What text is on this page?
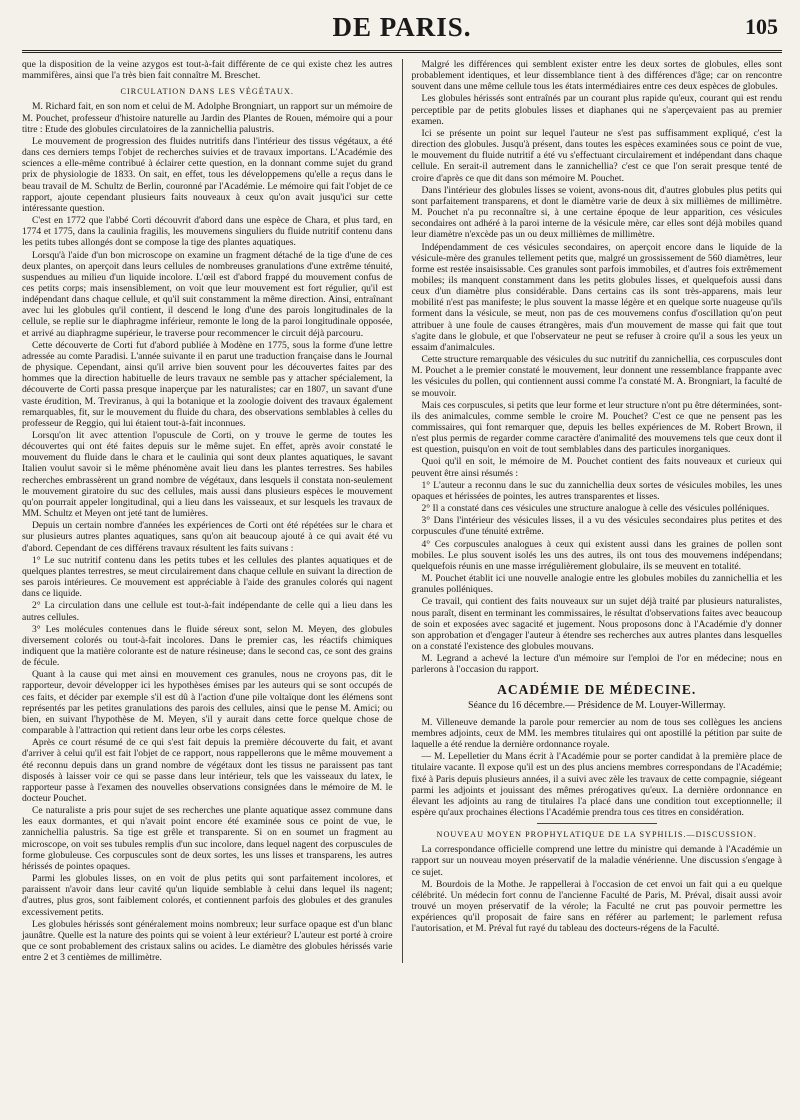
DE PARIS.	105

que la disposition de la veine azygos est tout-à-fait différente de ce qui existe chez les autres mammifères, ainsi que l'a très bien fait connaître M. Breschet.

CIRCULATION DANS LES VÉGÉTAUX.

M. Richard fait, en son nom et celui de M. Adolphe Brongniart, un rapport sur un mémoire de M. Pouchet, professeur d'histoire naturelle au Jardin des Plantes de Rouen, mémoire qui a pour titre : Etude des globules circulatoires de la zannichellia palustris.

Le mouvement de progression des fluides nutritifs dans l'intérieur des tissus végétaux, a été dans ces derniers temps l'objet de recherches suivies et de travaux importans. L'Académie des sciences a elle-même contribué à éclairer cette question, en la donnant comme sujet du grand prix de physiologie de 1833. On sait, en effet, tous les développemens qu'elle a reçus dans le beau travail de M. Schultz de Berlin, couronné par l'Académie. Le mémoire qui fait l'objet de ce rapport, ajoute cependant plusieurs faits nouveaux à ceux qu'on avait jusqu'ici sur cette intéressante question.

C'est en 1772 que l'abbé Corti découvrit d'abord dans une espèce de Chara, et plus tard, en 1774 et 1775, dans la caulinia fragilis, les mouvemens singuliers du fluide nutritif contenu dans les petits tubes allongés dont se compose la tige des plantes aquatiques.

Lorsqu'à l'aide d'un bon microscope on examine un fragment détaché de la tige d'une de ces deux plantes, on aperçoit dans leurs cellules de nombreuses granulations d'une extrême ténuité, suspendues au milieu d'un liquide incolore. L'œil est d'abord frappé du mouvement confus de ces petits corps; mais insensiblement, on voit que leur mouvement est fort régulier, qu'il est indépendant dans chaque cellule, et qu'il suit constamment la même direction. Ainsi, entraînant avec lui les globules qu'il contient, il descend le long d'une des parois longitudinales de la cellule, se replie sur le diaphragme inférieur, remonte le long de la paroi longitudinale opposée, et arrivé au diaphragme supérieur, le traverse pour recommencer le circuit déjà parcouru.

Cette découverte de Corti fut d'abord publiée à Modène en 1775, sous la forme d'une lettre adressée au comte Paradisi. L'année suivante il en parut une traduction française dans le Journal de physique. Cependant, ainsi qu'il arrive bien souvent pour les découvertes faites par des hommes que la direction habituelle de leurs travaux ne semble pas y attacher spécialement, la découverte de Corti passa presque inaperçue par les naturalistes; car en 1807, un savant d'une vaste érudition, M. Treviranus, à qui la botanique et la zoologie doivent des travaux également remarquables, fit, sur le mouvement du fluide du chara, des observations semblables à celles du professeur de Reggio, qui lui étaient tout-à-fait inconnues.

Lorsqu'on lit avec attention l'opuscule de Corti, on y trouve le germe de toutes les découvertes qui ont été faites depuis sur le même sujet. En effet, après avoir constaté le mouvement du fluide dans le chara et le caulinia qui sont deux plantes aquatiques, le savant Italien voulut savoir si le même phénomène avait lieu dans les plantes terrestres. Ses habiles recherches embrassèrent un grand nombre de végétaux, dans lesquels il constata non-seulement le mouvement giratoire du suc des cellules, mais aussi dans plusieurs espèces le mouvement qu'on pourrait appeler longitudinal, qui a lieu dans les vaisseaux, et sur lesquels les travaux de MM. Schultz et Meyen ont jeté tant de lumières.

Depuis un certain nombre d'années les expériences de Corti ont été répétées sur le chara et sur plusieurs autres plantes aquatiques, sans qu'on ait beaucoup ajouté à ce qui avait été vu d'abord. Cependant de ces différens travaux résultent les faits suivans :

1° Le suc nutritif contenu dans les petits tubes et les cellules des plantes aquatiques et de quelques plantes terrestres, se meut circulairement dans chaque cellule en suivant la direction de ses parois intérieures. Ce mouvement est appréciable à l'aide des granules colorés qui nagent dans ce liquide.

2° La circulation dans une cellule est tout-à-fait indépendante de celle qui a lieu dans les autres cellules.

3° Les molécules contenues dans le fluide séreux sont, selon M. Meyen, des globules diversement colorés ou tout-à-fait incolores. Dans le premier cas, les réactifs chimiques indiquent que la matière colorante est de nature résineuse; dans le second cas, ce sont des grains de fécule.

Quant à la cause qui met ainsi en mouvement ces granules, nous ne croyons pas, dit le rapporteur, devoir développer ici les hypothèses émises par les auteurs qui se sont occupés de ces faits, et décider par exemple s'il est dû à l'action d'une pile voltaïque dont les élémens sont représentés par les petites granulations des parois des cellules, ainsi que le pense M. Amici; ou bien, en suivant l'hypothèse de M. Meyen, s'il y aurait dans cette force quelque chose de comparable à l'attraction qui retient dans leur orbe les corps célestes.

Après ce court résumé de ce qui s'est fait depuis la première découverte du fait, et avant d'arriver à celui qu'il est fait l'objet de ce rapport, nous rappellerons que le même mouvement a été reconnu depuis dans un grand nombre de végétaux dont les tissus ne paraissent pas tant disposés à laisser voir ce qui se passe dans leur intérieur, tels que les vaisseaux du latex, le rapporteur passe à l'examen des nouvelles observations consignées dans le mémoire de M. le docteur Pouchet.

Ce naturaliste a pris pour sujet de ses recherches une plante aquatique assez commune dans les eaux dormantes, et qui n'avait point encore été examinée sous ce point de vue, le zannichellia palustris. Sa tige est grêle et transparente. Si on en soumet un fragment au microscope, on voit ses tubules remplis d'un suc incolore, dans lequel nagent des corpuscules de forme globuleuse. Ces corpuscules sont de deux sortes, les uns lisses et transparens, les autres hérissés de pointes opaques.

Parmi les globules lisses, on en voit de plus petits qui sont parfaitement incolores, et paraissent n'avoir dans leur cavité qu'un liquide semblable à celui dans lequel ils nagent; d'autres, plus gros, sont faiblement colorés, et contiennent parfois des globules et des granules excessivement petits.

Les globules hérissés sont généralement moins nombreux; leur surface opaque est d'un blanc jaunâtre. Quelle est la nature des points qui se voient à leur extérieur? L'auteur est porté à croire que ce sont probablement des cristaux salins ou acides. Le diamètre des globules hérissés varie entre 2 et 3 centièmes de millimètre.

Malgré les différences qui semblent exister entre les deux sortes de globules, elles sont probablement identiques, et leur dissemblance tient à des différences d'âge; car on rencontre souvent dans une même cellule tous les états intermédiaires entre ces deux espèces de globules.

Les globules hérissés sont entraînés par un courant plus rapide qu'eux, courant qui est rendu perceptible par de petits globules lisses et diaphanes qui ne s'aperçevaient pas au premier examen.

Ici se présente un point sur lequel l'auteur ne s'est pas suffisamment expliqué, c'est la direction des globules. Jusqu'à présent, dans toutes les espèces examinées sous ce point de vue, le mouvement du fluide nutritif a été vu s'effectuant circulairement et indépendant dans chaque cellule. En serait-il autrement dans le zannichellia? c'est ce que l'on serait presque tenté de croire d'après ce que dit dans son mémoire M. Pouchet.

Dans l'intérieur des globules lisses se voient, avons-nous dit, d'autres globules plus petits qui sont parfaitement transparens, et dont le diamètre varie de deux à six millièmes de millimètre. M. Pouchet n'a pu reconnaître si, à une certaine époque de leur apparition, ces vésicules secondaires ont adhéré à la paroi interne de la vésicule mère, car elles sont déjà mobiles quand leur diamètre n'excède pas un ou deux millièmes de millimètre.

Indépendamment de ces vésicules secondaires, on aperçoit encore dans le liquide de la vésicule-mère des granules tellement petits que, malgré un grossissement de 560 diamètres, leur forme est restée insaisissable. Ces granules sont parfois immobiles, et d'autres fois extrêmement mobiles; ils manquent constamment dans les petits globules lisses, et quelquefois aussi dans ceux d'un diamètre plus considérable. Dans certains cas ils sont très-apparens, mais leur mobilité n'est pas manifeste; le plus souvent la masse légère et en quelque sorte nuageuse qu'ils forment dans la vésicule, se meut, non pas de ces mouvemens confus d'oscillation qu'on peut attribuer à une foule de causes étrangères, mais d'un mouvement de masse qui fait que tout s'agite dans le globule, et que l'observateur ne peut se refuser à croire qu'il a sous les yeux un essaim d'animalcules.

Cette structure remarquable des vésicules du suc nutritif du zannichellia, ces corpuscules dont M. Pouchet a le premier constaté le mouvement, leur donnent une ressemblance frappante avec les vésicules du pollen, qui contiennent aussi comme l'a constaté M. A. Brongniart, la faculté de se mouvoir.

Mais ces corpuscules, si petits que leur forme et leur structure n'ont pu être déterminées, sont-ils des animalcules, comme semble le croire M. Pouchet? C'est ce que ne pensent pas les commissaires, qui font remarquer que, depuis les belles expériences de M. Robert Brown, il n'est plus permis de regarder comme caractère d'animalité des mouvemens tels que ceux dont il est question, puisqu'on en voit de tout semblables dans des particules inorganiques.

Quoi qu'il en soit, le mémoire de M. Pouchet contient des faits nouveaux et curieux qui peuvent être ainsi résumés :

1° L'auteur a reconnu dans le suc du zannichellia deux sortes de vésicules mobiles, les unes opaques et hérissées de pointes, les autres transparentes et lisses.

2° Il a constaté dans ces vésicules une structure analogue à celle des vésicules polléniques.

3° Dans l'intérieur des vésicules lisses, il a vu des vésicules secondaires plus petites et des corpuscules d'une ténuité extrême.

4° Ces corpuscules analogues à ceux qui existent aussi dans les graines de pollen sont mobiles. Le plus souvent isolés les uns des autres, ils ont tous des mouvemens indépendans; quelquefois réunis en une masse irrégulièrement globulaire, ils se meuvent en totalité.

M. Pouchet établit ici une nouvelle analogie entre les globules mobiles du zannichellia et les granules polléniques.

Ce travail, qui contient des faits nouveaux sur un sujet déjà traité par plusieurs naturalistes, nous paraît, disent en terminant les commissaires, le résultat d'observations faites avec beaucoup de soin et exposées avec sagacité et jugement. Nous proposons donc à l'Académie d'y donner son approbation et d'engager l'auteur à étendre ses recherches aux autres plantes dans lesquelles on a constaté l'existence des globules mouvans.

M. Legrand a achevé la lecture d'un mémoire sur l'emploi de l'or en médecine; nous en parlerons à l'occasion du rapport.

ACADÉMIE DE MÉDECINE.
Séance du 16 décembre.— Présidence de M. Louyer-Willermay.

M. Villeneuve demande la parole pour remercier au nom de tous ses collègues les anciens membres adjoints, ceux de MM. les membres titulaires qui ont apostillé la pétition par suite de laquelle a été rendue la dernière ordonnance royale.

— M. Lepelletier du Mans écrit à l'Académie pour se porter candidat à la première place de titulaire vacante. Il expose qu'il est un des plus anciens membres correspondans de l'Académie; fixé à Paris depuis plusieurs années, il a suivi avec zèle les travaux de cette compagnie, siégeant parmi les adjoints et jouissant des mêmes prérogatives qu'eux. La dernière ordonnance en élevant les adjoints au rang de titulaires l'a placé dans une condition tout exceptionnelle; il espère qu'aux prochaines élections l'Académie prendra tous ces titres en considération.

NOUVEAU MOYEN PROPHYLATIQUE DE LA SYPHILIS.—DISCUSSION.

La correspondance officielle comprend une lettre du ministre qui demande à l'Académie un rapport sur un nouveau moyen préservatif de la maladie vénérienne. Une discussion s'engage à ce sujet.

M. Bourdois de la Mothe. Je rappellerai à l'occasion de cet envoi un fait qui a eu quelque célébrité. Un médecin fort connu de l'ancienne Faculté de Paris, M. Préval, disait aussi avoir trouvé un moyen préservatif de la vérole; la Faculté ne crut pas pouvoir permettre les expériences qu'il proposait de faire sans en référer au parlement; le parlement refusa l'autorisation, et M. Préval fut rayé du tableau des docteurs-régens de la Faculté.
